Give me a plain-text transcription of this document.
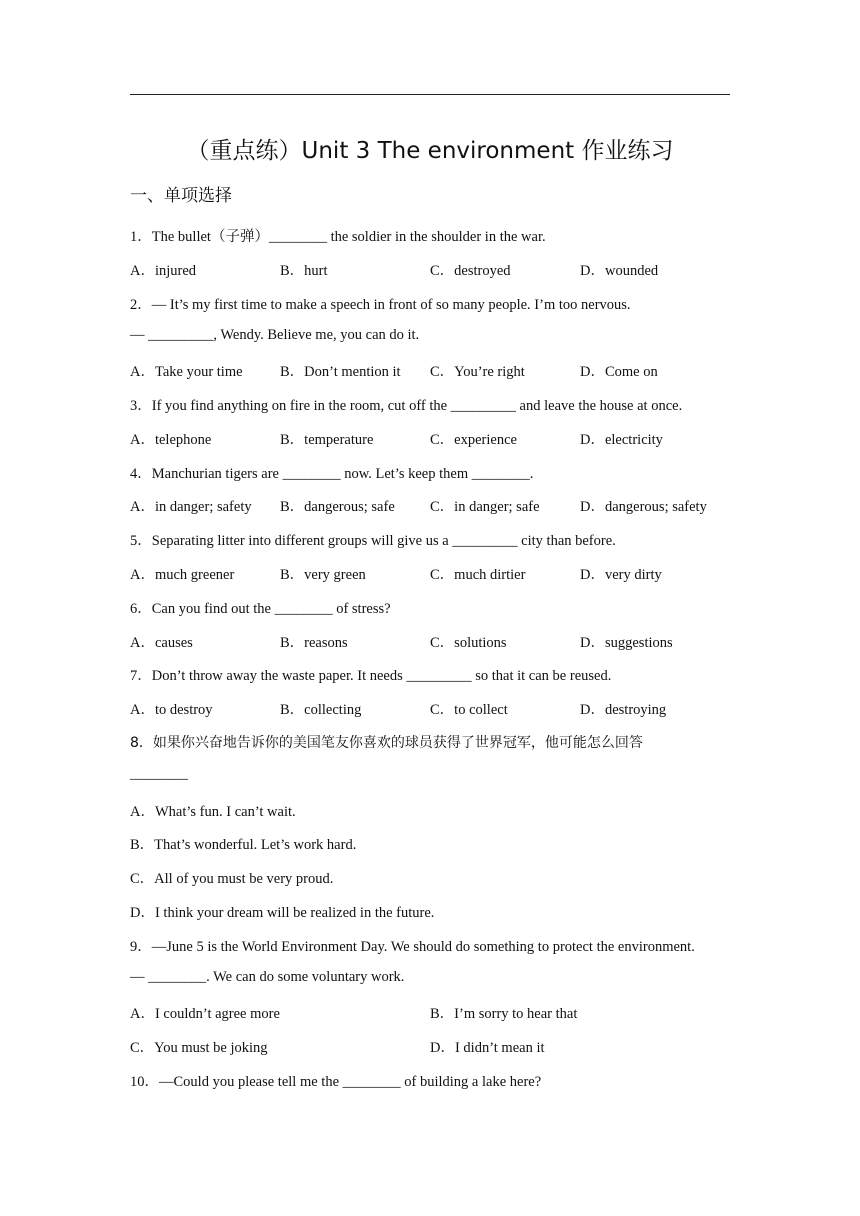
（重点练）Unit 3 The environment 作业练习
一、单项选择
1．The bullet（子弹）________ the soldier in the shoulder in the war.
A．injured	B．hurt	C．destroyed	D．wounded
2．— It’s my first time to make a speech in front of so many people. I’m too nervous.
— _________, Wendy. Believe me, you can do it.
A．Take your time	B．Don’t mention it C．You’re right	D．Come on
3．If you find anything on fire in the room, cut off the _________ and leave the house at once.
A．telephone	B．temperature	C．experience	D．electricity
4．Manchurian tigers are ________ now. Let’s keep them ________.
A．in danger; safety B．dangerous; safe C．in danger; safe	D．dangerous; safety
5．Separating litter into different groups will give us a _________ city than before.
A．much greener	B．very green	C．much dirtier	D．very dirty
6．Can you find out the ________ of stress?
A．causes	B．reasons	C．solutions	D．suggestions
7．Don’t throw away the waste paper. It needs _________ so that it can be reused.
A．to destroy	B．collecting	C．to collect	D．destroying
8．如果你兴奋地告诉你的美国笔友你喜欢的球员获得了世界冠军，他可能怎么回答
________
A．What’s fun. I can’t wait.
B．That’s wonderful. Let’s work hard.
C．All of you must be very proud.
D．I think your dream will be realized in the future.
9．—June 5 is the World Environment Day. We should do something to protect the environment.
— ________. We can do some voluntary work.
A．I couldn’t agree more	B．I’m sorry to hear that
C．You must be joking	D．I didn’t mean it
10．—Could you please tell me the ________ of building a lake here?
